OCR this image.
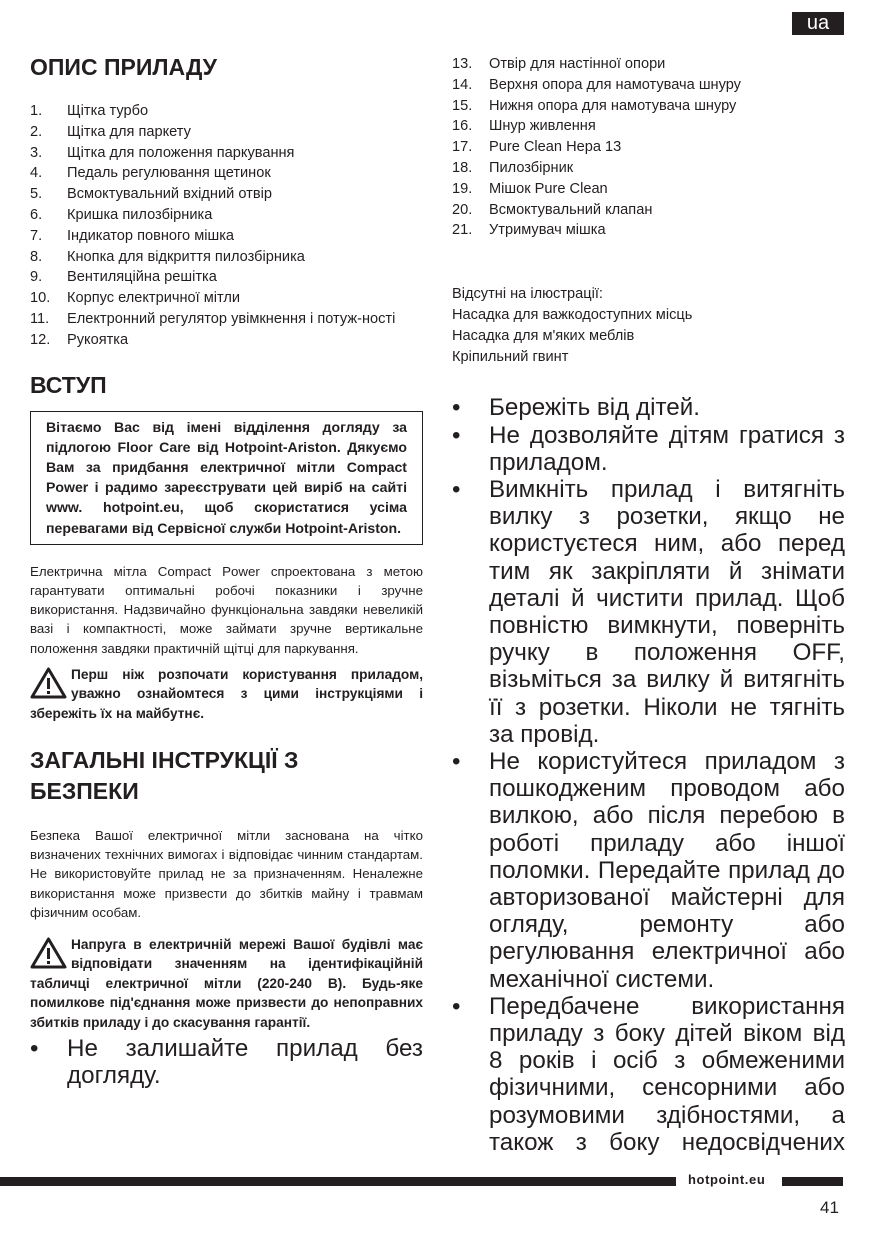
ua
ОПИС ПРИЛАДУ
1.	Щітка турбо
2.	Щітка для паркету
3.	Щітка для положення паркування
4.	Педаль регулювання щетинок
5.	Всмоктувальний вхідний отвір
6.	Кришка пилозбірника
7.	Індикатор повного мішка
8.	Кнопка для відкриття пилозбірника
9.	Вентиляційна решітка
10.	Корпус електричної мітли
11.	Електронний регулятор увімкнення і потуж-ності
12.	Рукоятка
ВСТУП
Вітаємо Вас від імені відділення догляду за підлогою Floor Care від Hotpoint-Ariston. Дякуємо Вам за придбання електричної мітли Compact Power і радимо зареєструвати цей виріб на сайті www. hotpoint.eu, щоб скористатися усіма перевагами від Сервісної служби Hotpoint-Ariston.

Електрична мітла Compact Power спроектована з метою гарантувати оптимальні робочі показники і зручне використання. Надзвичайно функціональна завдяки невеликій вазі і компактності, може займати зручне вертикальне положення завдяки практичній щітці для паркування.

Перш ніж розпочати користування приладом, уважно ознайомтеся з цими інструкціями і збережіть їх на майбутнє.

ЗАГАЛЬНІ ІНСТРУКЦІЇ З БЕЗПЕКИ

Безпека Вашої електричної мітли заснована на чітко визначених технічних вимогах і відповідає чинним стандартам. Не використовуйте прилад не за призначенням. Неналежне використання може призвести до збитків майну і травмам фізичним особам.

Напруга в електричній мережі Вашої будівлі має відповідати значенням на ідентифікаційній табличці електричної мітли (220-240 В). Будь-яке помилкове під'єднання може призвести до непоправних збитків приладу і до скасування гарантії.

•	Не залишайте прилад без догляду.
13.	Отвір для настінної опори
14.	Верхня опора для намотувача шнуру
15.	Нижня опора для намотувача шнуру
16.	Шнур живлення
17.	Pure Clean Hepa 13
18.	Пилозбірник
19.	Мішок Pure Clean
20.	Всмоктувальний клапан
21.	Утримувач мішка
Відсутні на ілюстрації:
Насадка для важкодоступних місць
Насадка для м'яких меблів
Кріпильний гвинт
•	Бережіть від дітей.
•	Не дозволяйте дітям гратися з приладом.
•	Вимкніть прилад і витягніть вилку з розетки, якщо не користуєтеся ним, або перед тим як закріпляти й знімати деталі й чистити прилад. Щоб повністю вимкнути, поверніть ручку в положення OFF, візьміться за вилку й витягніть її з розетки. Ніколи не тягніть за провід.
•	Не користуйтеся приладом з пошкодженим проводом або вилкою, або після перебою в роботі приладу або іншої поломки. Передайте прилад до авторизованої майстерні для огляду, ремонту або регулювання електричної або механічної системи.
•	Передбачене використання приладу з боку дітей віком від 8 років і осіб з обмеженими фізичними, сенсорними або розумовими здібностями, а також з боку недосвідчених
hotpoint.eu
41
